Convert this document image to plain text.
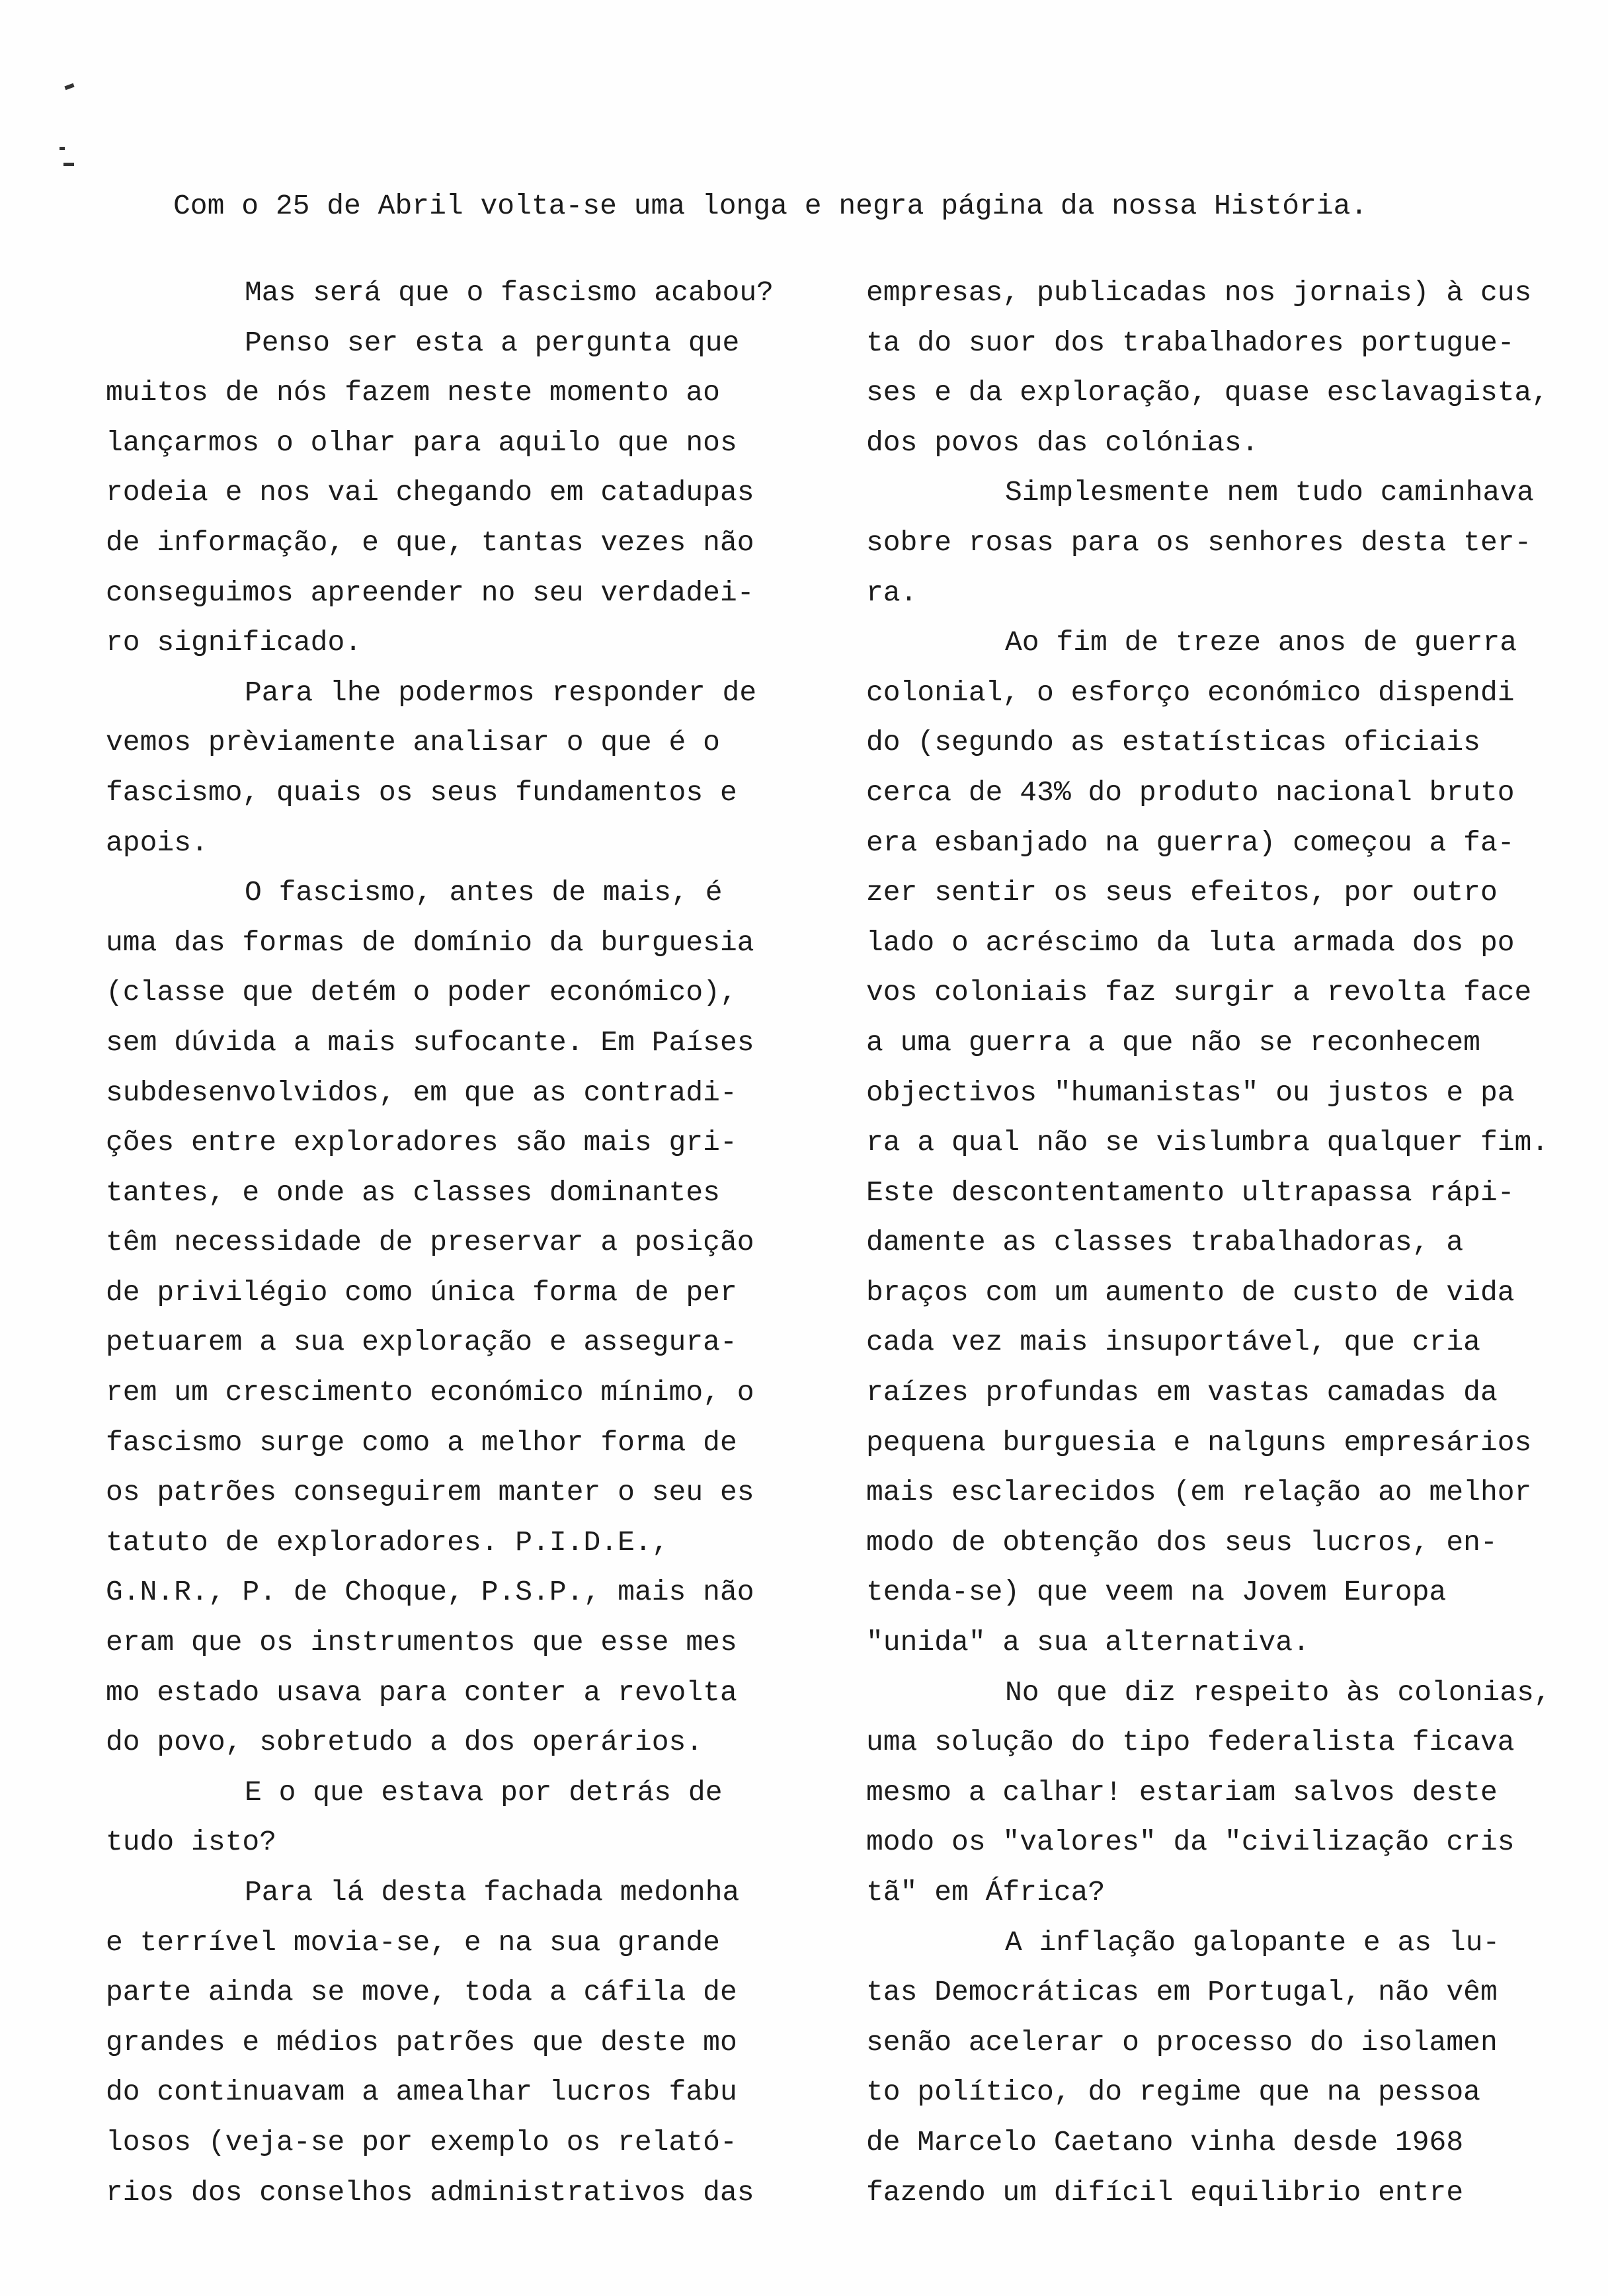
Com o 25 de Abril volta-se uma longa e negra página da nossa História.
Mas será que o fascismo acabou?
Penso ser esta a pergunta que
muitos de nós fazem neste momento ao
lançarmos o olhar para aquilo que nos
rodeia e nos vai chegando em catadupas
de informação, e que, tantas vezes não
conseguimos apreender no seu verdadei-
ro significado.
Para lhe podermos responder de
vemos prèviamente analisar o que é o
fascismo, quais os seus fundamentos e
apois.
O fascismo, antes de mais, é
uma das formas de domínio da burguesia
(classe que detém o poder económico),
sem dúvida a mais sufocante. Em Países
subdesenvolvidos, em que as contradi-
ções entre exploradores são mais gri-
tantes, e onde as classes dominantes
têm necessidade de preservar a posição
de privilégio como única forma de per
petuarem a sua exploração e assegura-
rem um crescimento económico mínimo, o
fascismo surge como a melhor forma de
os patrões conseguirem manter o seu es
tatuto de exploradores. P.I.D.E.,
G.N.R., P. de Choque, P.S.P., mais não
eram que os instrumentos que esse mes
mo estado usava para conter a revolta
do povo, sobretudo a dos operários.
E o que estava por detrás de
tudo isto?
Para lá desta fachada medonha
e terrível movia-se, e na sua grande
parte ainda se move, toda a cáfila de
grandes e médios patrões que deste mo
do continuavam a amealhar lucros fabu
losos (veja-se por exemplo os relató-
rios dos conselhos administrativos das
empresas, publicadas nos jornais) à cus
ta do suor dos trabalhadores portugue-
ses e da exploração, quase esclavagista,
dos povos das colónias.
Simplesmente nem tudo caminhava
sobre rosas para os senhores desta ter-
ra.
Ao fim de treze anos de guerra
colonial, o esforço económico dispendi
do (segundo as estatísticas oficiais
cerca de 43% do produto nacional bruto
era esbanjado na guerra) começou a fa-
zer sentir os seus efeitos, por outro
lado o acréscimo da luta armada dos po
vos coloniais faz surgir a revolta face
a uma guerra a que não se reconhecem
objectivos "humanistas" ou justos e pa
ra a qual não se vislumbra qualquer fim.
Este descontentamento ultrapassa rápi-
damente as classes trabalhadoras, a
braços com um aumento de custo de vida
cada vez mais insuportável, que cria
raízes profundas em vastas camadas da
pequena burguesia e nalguns empresários
mais esclarecidos (em relação ao melhor
modo de obtenção dos seus lucros, en-
tenda-se) que veem na Jovem Europa
"unida" a sua alternativa.
No que diz respeito às colonias,
uma solução do tipo federalista ficava
mesmo a calhar! estariam salvos deste
modo os "valores" da "civilização cris
tã" em África?
A inflação galopante e as lu-
tas Democráticas em Portugal, não vêm
senão acelerar o processo do isolamen
to político, do regime que na pessoa
de Marcelo Caetano vinha desde 1968
fazendo um difícil equilibrio entre
